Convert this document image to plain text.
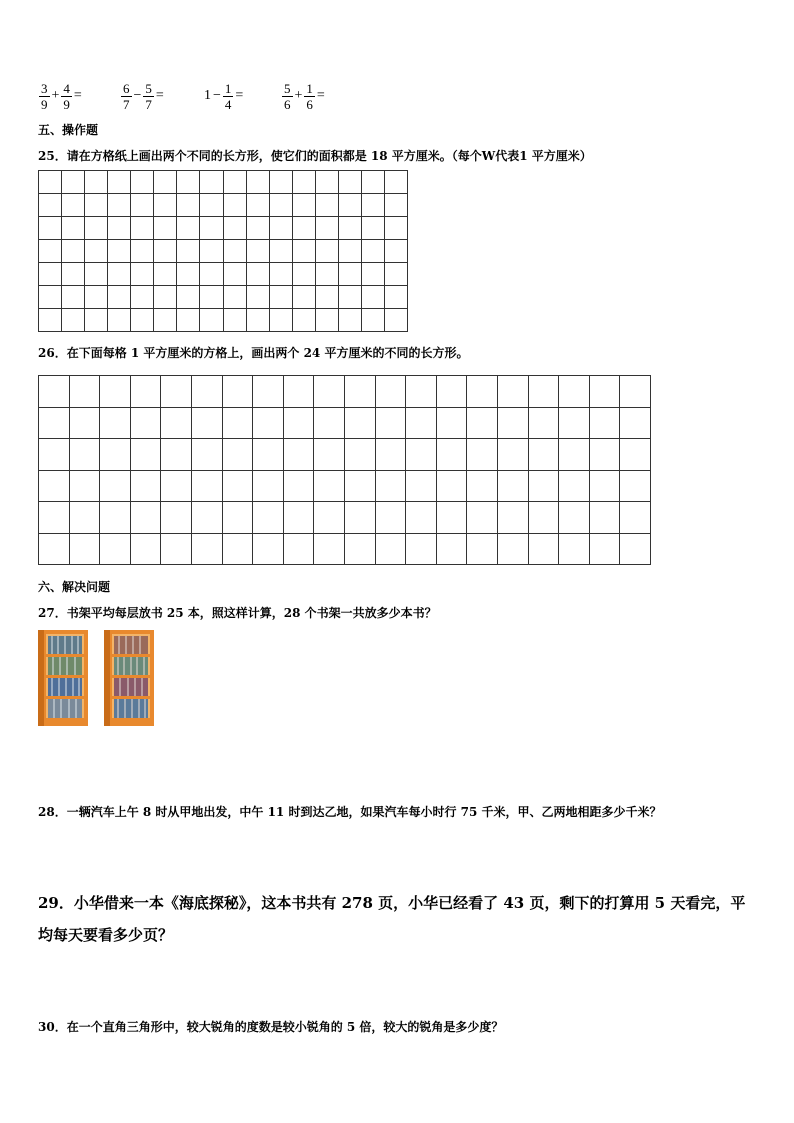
$\frac{3}{9} + \frac{4}{9}$ =	$\frac{6}{7} - \frac{5}{7}$ =	$1 - \frac{1}{4}$ =	$\frac{5}{6} + \frac{1}{6}$ =
五、操作题
25．请在方格纸上画出两个不同的长方形，使它们的面积都是 18 平方厘米。（每个W代表1 平方厘米）

26．在下面每格 1 平方厘米的方格上，画出两个 24 平方厘米的不同的长方形。

六、解决问题
27．书架平均每层放书 25 本，照这样计算，28 个书架一共放多少本书？
28．一辆汽车上午 8 时从甲地出发，中午 11 时到达乙地，如果汽车每小时行 75 千米，甲、乙两地相距多少千米？
29．小华借来一本《海底探秘》，这本书共有 278 页，小华已经看了 43 页，剩下的打算用 5 天看完，平
均每天要看多少页？
30．在一个直角三角形中，较大锐角的度数是较小锐角的 5 倍，较大的锐角是多少度？
